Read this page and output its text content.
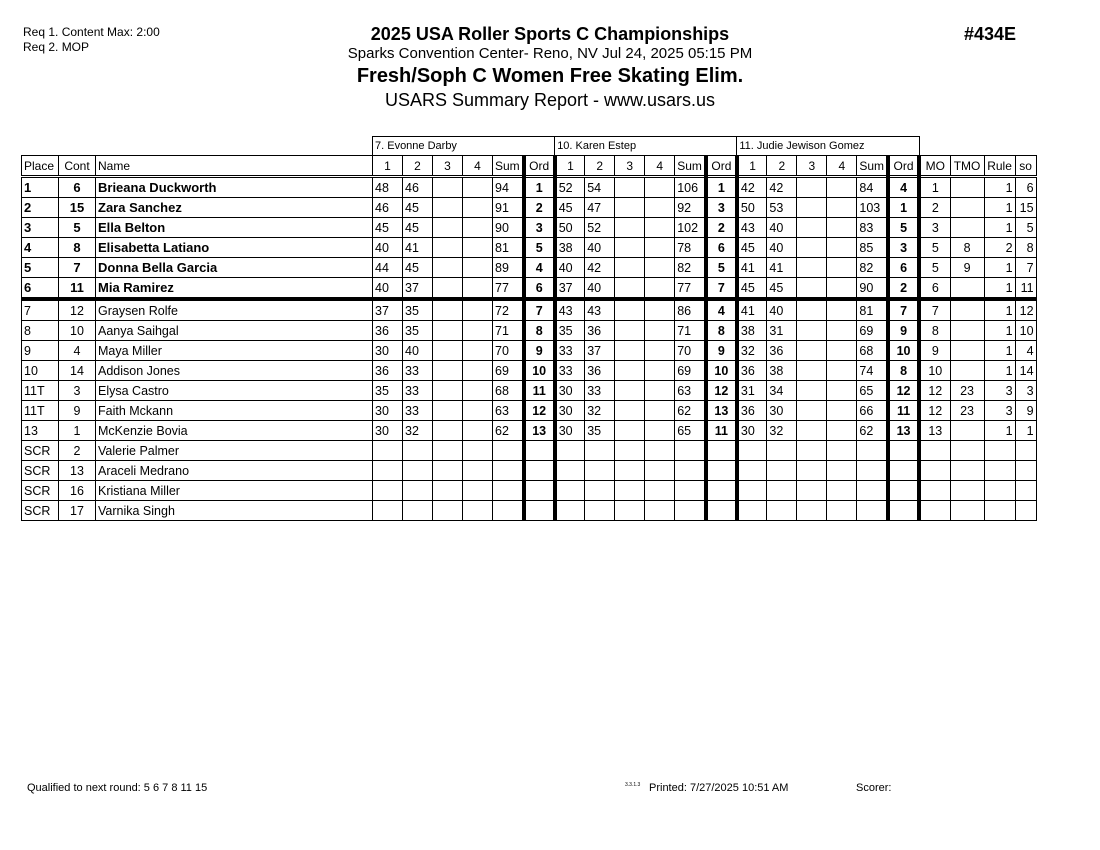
Req 1. Content Max: 2:00
Req 2. MOP
2025 USA Roller Sports C Championships
Sparks Convention Center- Reno, NV Jul 24, 2025 05:15 PM
Fresh/Soph C Women Free Skating Elim.
USARS Summary Report - www.usars.us
#434E
			7. Evonne Darby						10. Karen Estep						11. Judie Jewison Gomez									
Place	Cont	Name	1	2	3	4	Sum	Ord	1	2	3	4	Sum	Ord	1	2	3	4	Sum	Ord	MO	TMO	Rule	so
1	6	Brieana Duckworth	48	46			94	1	52	54			106	1	42	42			84	4	1		1	6
2	15	Zara Sanchez	46	45			91	2	45	47			92	3	50	53			103	1	2		1	15
3	5	Ella Belton	45	45			90	3	50	52			102	2	43	40			83	5	3		1	5
4	8	Elisabetta Latiano	40	41			81	5	38	40			78	6	45	40			85	3	5	8	2	8
5	7	Donna Bella Garcia	44	45			89	4	40	42			82	5	41	41			82	6	5	9	1	7
6	11	Mia Ramirez	40	37			77	6	37	40			77	7	45	45			90	2	6		1	11
7	12	Graysen Rolfe	37	35			72	7	43	43			86	4	41	40			81	7	7		1	12
8	10	Aanya Saihgal	36	35			71	8	35	36			71	8	38	31			69	9	8		1	10
9	4	Maya Miller	30	40			70	9	33	37			70	9	32	36			68	10	9		1	4
10	14	Addison Jones	36	33			69	10	33	36			69	10	36	38			74	8	10		1	14
11T	3	Elysa Castro	35	33			68	11	30	33			63	12	31	34			65	12	12	23	3	3
11T	9	Faith Mckann	30	33			63	12	30	32			62	13	36	30			66	11	12	23	3	9
13	1	McKenzie Bovia	30	32			62	13	30	35			65	11	30	32			62	13	13		1	1
SCR	2	Valerie Palmer																						
SCR	13	Araceli Medrano																						
SCR	16	Kristiana Miller																						
SCR	17	Varnika Singh																						
Qualified to next round: 5 6 7 8 11 15	3.3.1.3 Printed: 7/27/2025 10:51 AM	Scorer:
